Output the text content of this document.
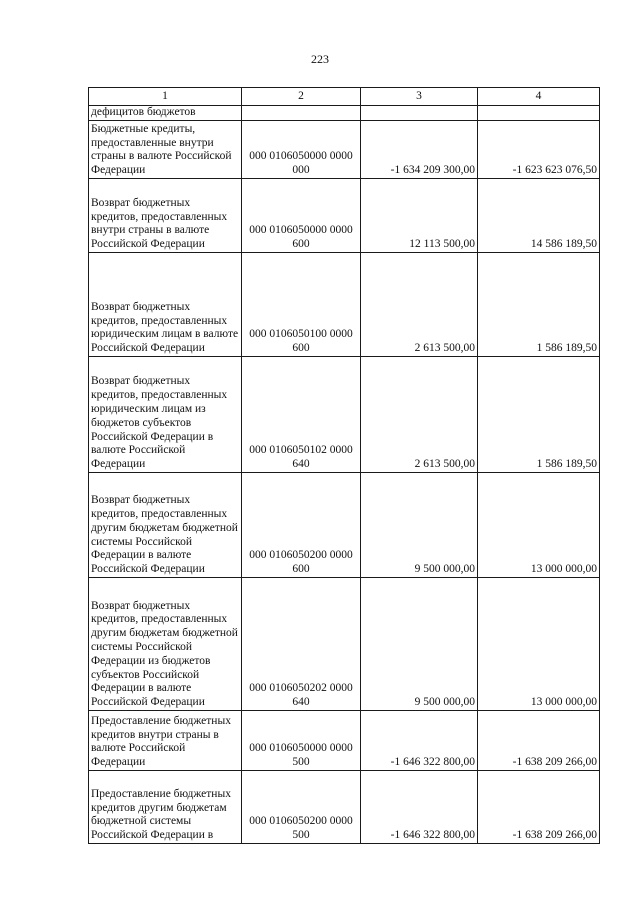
223
1	2	3	4
дефицитов бюджетов			
Бюджетные кредиты, предоставленные внутри страны в валюте Российской Федерации	000 0106050000 0000 000	-1 634 209 300,00	-1 623 623 076,50
Возврат бюджетных кредитов, предоставленных внутри страны в валюте Российской Федерации	000 0106050000 0000 600	12 113 500,00	14 586 189,50
Возврат бюджетных кредитов, предоставленных юридическим лицам в валюте Российской Федерации	000 0106050100 0000 600	2 613 500,00	1 586 189,50
Возврат бюджетных кредитов, предоставленных юридическим лицам из бюджетов субъектов Российской Федерации в валюте Российской Федерации	000 0106050102 0000 640	2 613 500,00	1 586 189,50
Возврат бюджетных кредитов, предоставленных другим бюджетам бюджетной системы Российской Федерации в валюте Российской Федерации	000 0106050200 0000 600	9 500 000,00	13 000 000,00
Возврат бюджетных кредитов, предоставленных другим бюджетам бюджетной системы Российской Федерации из бюджетов субъектов Российской Федерации в валюте Российской Федерации	000 0106050202 0000 640	9 500 000,00	13 000 000,00
Предоставление бюджетных кредитов внутри страны в валюте Российской Федерации	000 0106050000 0000 500	-1 646 322 800,00	-1 638 209 266,00
Предоставление бюджетных кредитов другим бюджетам бюджетной системы Российской Федерации в	000 0106050200 0000 500	-1 646 322 800,00	-1 638 209 266,00
